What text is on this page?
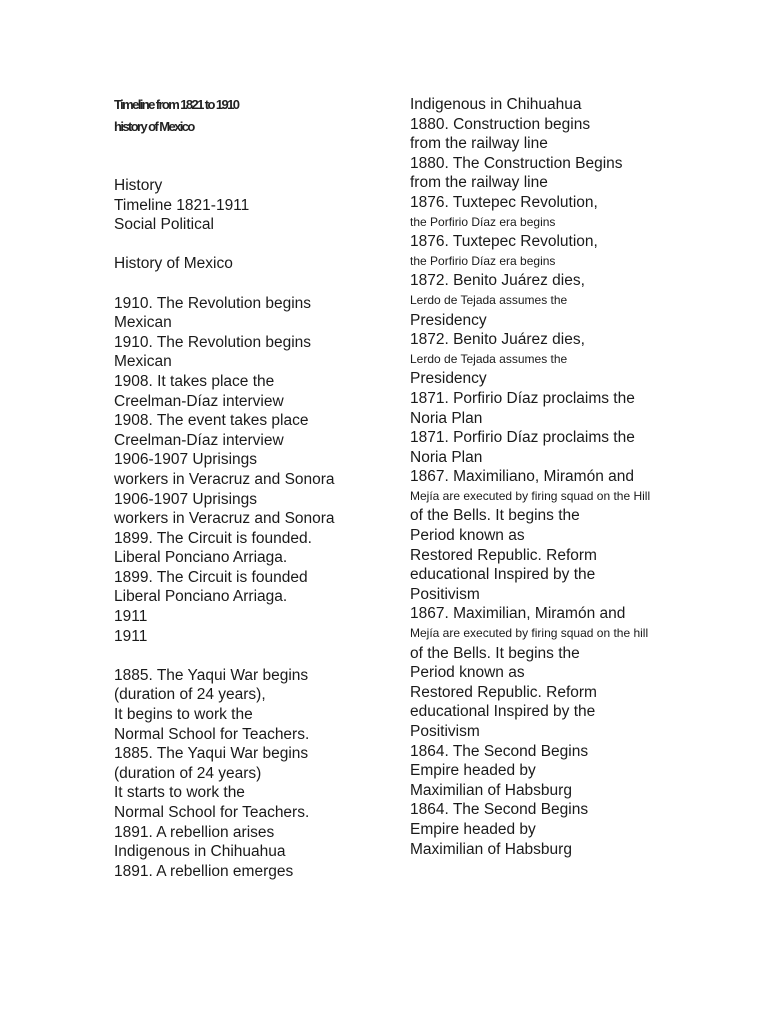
Timeline from 1821 to 1910
history of Mexico
History
Timeline 1821-1911
Social Political
History of Mexico
1910. The Revolution begins
Mexican
1910. The Revolution begins
Mexican
1908. It takes place the
Creelman-Díaz interview
1908. The event takes place
Creelman-Díaz interview
1906-1907 Uprisings
workers in Veracruz and Sonora
1906-1907 Uprisings
workers in Veracruz and Sonora
1899. The Circuit is founded.
Liberal Ponciano Arriaga.
1899. The Circuit is founded
Liberal Ponciano Arriaga.
1911
1911
1885. The Yaqui War begins
(duration of 24 years),
It begins to work the
Normal School for Teachers.
1885. The Yaqui War begins
(duration of 24 years)
It starts to work the
Normal School for Teachers.
1891. A rebellion arises
Indigenous in Chihuahua
1891. A rebellion emerges
Indigenous in Chihuahua
1880. Construction begins
from the railway line
1880. The Construction Begins
from the railway line
1876. Tuxtepec Revolution,
the Porfirio Díaz era begins
1876. Tuxtepec Revolution,
the Porfirio Díaz era begins
1872. Benito Juárez dies,
Lerdo de Tejada assumes the
Presidency
1872. Benito Juárez dies,
Lerdo de Tejada assumes the
Presidency
1871. Porfirio Díaz proclaims the
Noria Plan
1871. Porfirio Díaz proclaims the
Noria Plan
1867. Maximiliano, Miramón and
Mejía are executed by firing squad on the Hill
of the Bells. It begins the
Period known as
Restored Republic. Reform
educational Inspired by the
Positivism
1867. Maximilian, Miramón and
Mejía are executed by firing squad on the hill
of the Bells. It begins the
Period known as
Restored Republic. Reform
educational Inspired by the
Positivism
1864. The Second Begins
Empire headed by
Maximilian of Habsburg
1864. The Second Begins
Empire headed by
Maximilian of Habsburg
